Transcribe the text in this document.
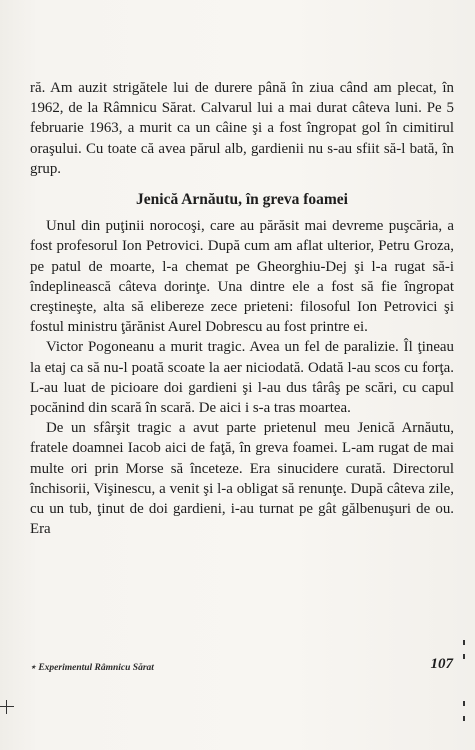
ră. Am auzit strigătele lui de durere până în ziua când am plecat, în 1962, de la Râmnicu Sărat. Calvarul lui a mai durat câteva luni. Pe 5 februarie 1963, a murit ca un câine şi a fost îngropat gol în cimitirul oraşului. Cu toate că avea părul alb, gardienii nu s-au sfiit să-l bată, în grup.

Jenică Arnăutu, în greva foamei

Unul din puţinii norocoşi, care au părăsit mai devreme puşcăria, a fost profesorul Ion Petrovici. După cum am aflat ulterior, Petru Groza, pe patul de moarte, l-a chemat pe Gheorghiu-Dej şi l-a rugat să-i îndeplinească câteva dorinţe. Una dintre ele a fost să fie îngropat creştineşte, alta să elibereze zece prieteni: filosoful Ion Petrovici şi fostul ministru ţărănist Aurel Dobrescu au fost printre ei.

Victor Pogoneanu a murit tragic. Avea un fel de paralizie. Îl ţineau la etaj ca să nu-l poată scoate la aer niciodată. Odată l-au scos cu forţa. L-au luat de picioare doi gardieni şi l-au dus târâş pe scări, cu capul pocănind din scară în scară. De aici i s-a tras moartea.

De un sfârşit tragic a avut parte prietenul meu Jenică Arnăutu, fratele doamnei Iacob aici de faţă, în greva foamei. L-am rugat de mai multe ori prin Morse să înceteze. Era sinucidere curată. Directorul închisorii, Vişinescu, a venit şi l-a obligat să renunţe. După câteva zile, cu un tub, ţinut de doi gardieni, i-au turnat pe gât gălbenuşuri de ou. Era

⋆ Experimentul Râmnicu Sărat	107
